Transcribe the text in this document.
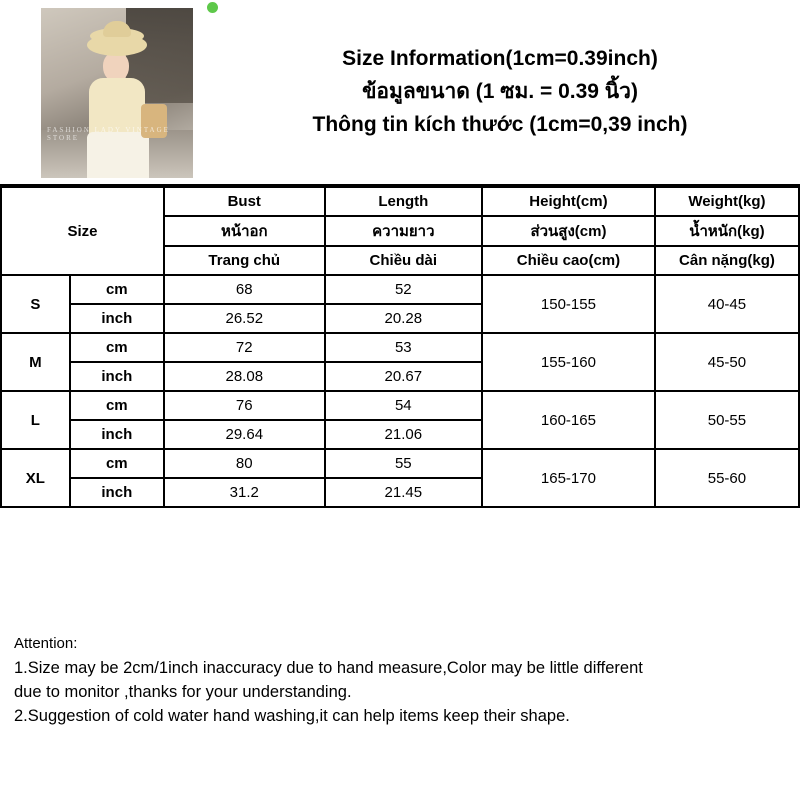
FASHION LADY VINTAGE STORE
Size Information(1cm=0.39inch)
ข้อมูลขนาด (1 ซม. = 0.39 นิ้ว)
Thông tin kích thước (1cm=0,39 inch)
Size		Bust	Length	Height(cm)	Weight(kg)
		หน้าอก	ความยาว	ส่วนสูง(cm)	น้ำหนัก(kg)
		Trang chủ	Chiều dài	Chiều cao(cm)	Cân nặng(kg)
S	cm	68	52	150-155	40-45
	inch	26.52	20.28		
M	cm	72	53	155-160	45-50
	inch	28.08	20.67		
L	cm	76	54	160-165	50-55
	inch	29.64	21.06		
XL	cm	80	55	165-170	55-60
	inch	31.2	21.45		
Attention:
1.Size may be 2cm/1inch inaccuracy due to hand measure,Color may be little different
due to monitor ,thanks for your understanding.
2.Suggestion of cold water hand washing,it can help items keep their shape.
